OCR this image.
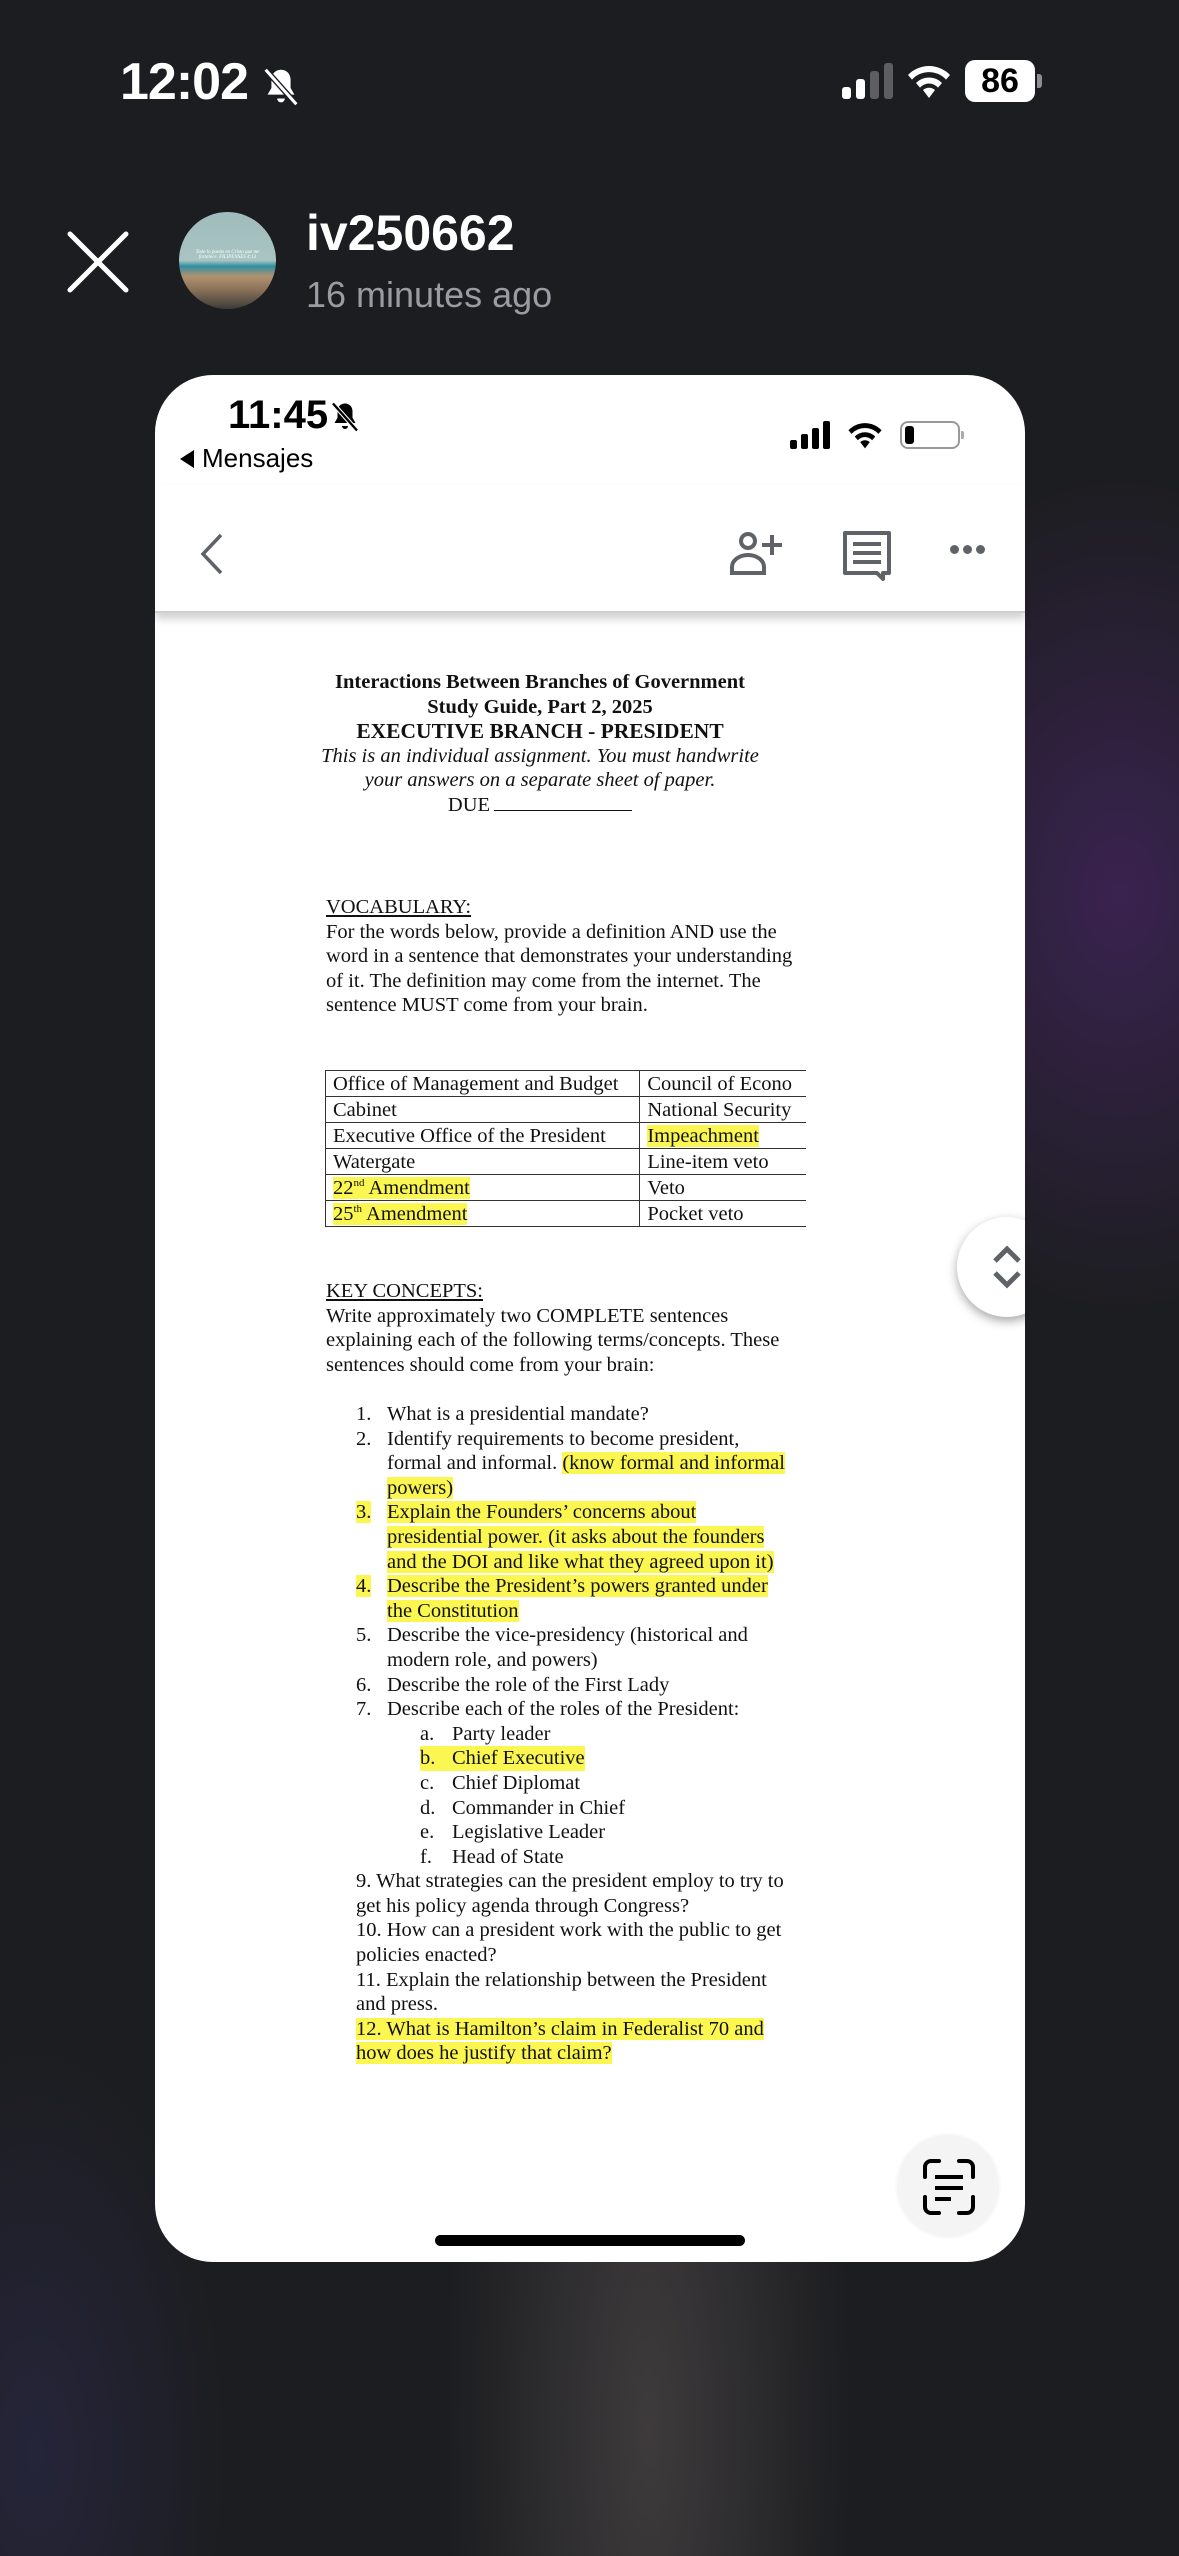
12:02	86
Todo lo puedo en Cristo que me fortalece. FILIPENSES 4:13 iv250662
16 minutes ago
11:45
Mensajes
Interactions Between Branches of Government
Study Guide, Part 2, 2025
EXECUTIVE BRANCH - PRESIDENT
This is an individual assignment. You must handwrite your answers on a separate sheet of paper.
DUE
VOCABULARY:
For the words below, provide a definition AND use the word in a sentence that demonstrates your understanding of it. The definition may come from the internet. The sentence MUST come from your brain.
Office of Management and Budget	Council of Econo
Cabinet	National Security
Executive Office of the President	Impeachment
Watergate	Line-item veto
22nd Amendment	Veto
25th Amendment	Pocket veto
KEY CONCEPTS:
Write approximately two COMPLETE sentences explaining each of the following terms/concepts. These sentences should come from your brain:
1. What is a presidential mandate?
2. Identify requirements to become president, formal and informal. (know formal and informal powers)
3. Explain the Founders’ concerns about presidential power. (it asks about the founders and the DOI and like what they agreed upon it)
4. Describe the President’s powers granted under the Constitution
5. Describe the vice-presidency (historical and modern role, and powers)
6. Describe the role of the First Lady
7. Describe each of the roles of the President:
a. Party leader
b. Chief Executive
c. Chief Diplomat
d. Commander in Chief
e. Legislative Leader
f. Head of State
9. What strategies can the president employ to try to get his policy agenda through Congress?
10. How can a president work with the public to get policies enacted?
11. Explain the relationship between the President and press.
12. What is Hamilton’s claim in Federalist 70 and how does he justify that claim?
